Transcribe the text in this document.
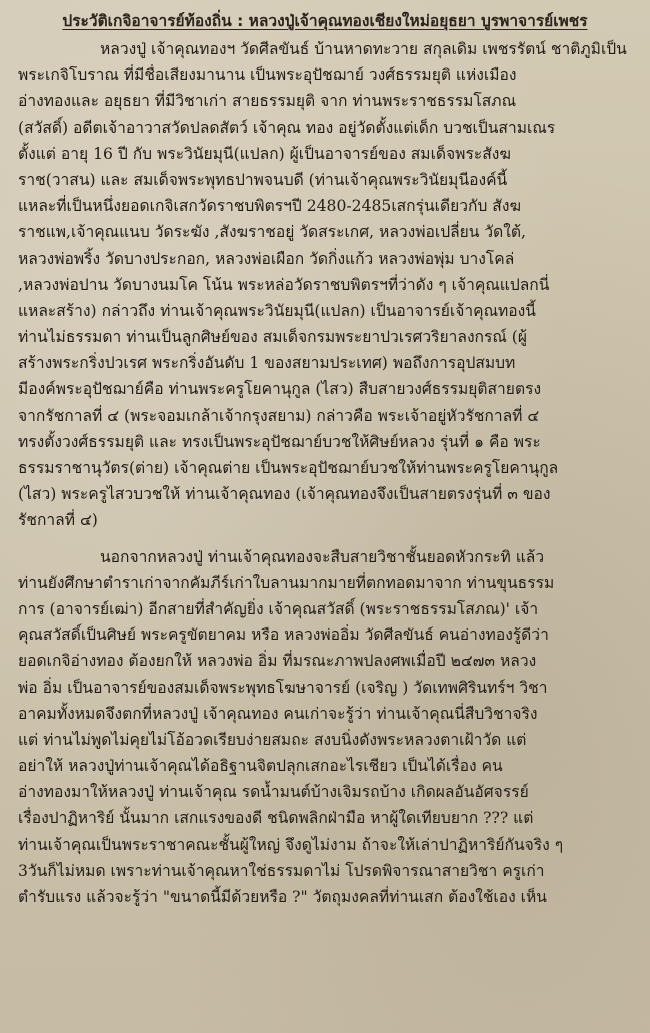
ประวัติเกจิอาจารย์ท้องถิ่น : หลวงปู่เจ้าคุณทองเชียงใหม่อยุธยา บูรพาจารย์เพชร
หลวงปู่ เจ้าคุณทองฯ วัดศีลขันธ์ บ้านหาดทะวาย สกุลเดิม เพชรรัตน์ ชาติภูมิเป็น
พระเกจิโบราณ ที่มีชื่อเสียงมานาน เป็นพระอุปัชฌาย์ วงศ์ธรรมยุติ แห่งเมือง
อ่างทองและ อยุธยา ที่มีวิชาเก่า สายธรรมยุติ จาก ท่านพระราชธรรมโสภณ
(สวัสดิ์) อดีตเจ้าอาวาสวัดปลดสัตว์ เจ้าคุณ ทอง อยู่วัดตั้งแต่เด็ก บวชเป็นสามเณร
ตั้งแต่ อายุ 16 ปี กับ พระวินัยมุนี(แปลก) ผู้เป็นอาจารย์ของ สมเด็จพระสังฆ
ราช(วาสน) และ สมเด็จพระพุทธปาพจนบดี (ท่านเจ้าคุณพระวินัยมุนีองค์นี้
แหละที่เป็นหนึ่งยอดเกจิเสกวัดราชบพิตรฯปี 2480-2485เสกรุ่นเดียวกับ สังฆ
ราชแพ,เจ้าคุณแนบ วัดระฆัง ,สังฆราชอยู่ วัดสระเกศ, หลวงพ่อเปลี่ยน วัดใต้,
หลวงพ่อพริ้ง วัดบางประกอก, หลวงพ่อเผือก วัดกิ่งแก้ว หลวงพ่อพุ่ม บางโคล่
,หลวงพ่อปาน วัดบางนมโค โน้น พระหล่อวัดราชบพิตรฯที่ว่าดัง ๆ เจ้าคุณแปลกนี่
แหละสร้าง) กล่าวถึง ท่านเจ้าคุณพระวินัยมุนี(แปลก) เป็นอาจารย์เจ้าคุณทองนี้
ท่านไม่ธรรมดา ท่านเป็นลูกศิษย์ของ สมเด็จกรมพระยาปวเรศวริยาลงกรณ์ (ผู้
สร้างพระกริ่งปวเรศ พระกริ่งอันดับ 1 ของสยามประเทศ) พอถึงการอุปสมบท
มีองค์พระอุปัชฌาย์คือ ท่านพระครูโยคานุกูล (ไสว) สืบสายวงศ์ธรรมยุติสายตรง
จากรัชกาลที่ ๔ (พระจอมเกล้าเจ้ากรุงสยาม) กล่าวคือ พระเจ้าอยู่หัวรัชกาลที่ ๔
ทรงตั้งวงศ์ธรรมยุติ และ ทรงเป็นพระอุปัชฌาย์บวชให้ศิษย์หลวง รุ่นที่ ๑ คือ พระ
ธรรมราชานุวัตร(ต่าย) เจ้าคุณต่าย เป็นพระอุปัชฌาย์บวชให้ท่านพระครูโยคานุกูล
(ไสว) พระครูไสวบวชให้ ท่านเจ้าคุณทอง (เจ้าคุณทองจึงเป็นสายตรงรุ่นที่ ๓ ของ
รัชกาลที่ ๔)
นอกจากหลวงปู่ ท่านเจ้าคุณทองจะสืบสายวิชาชั้นยอดหัวกระทิ แล้ว
ท่านยังศึกษาตำราเก่าจากคัมภีร์เก่าใบลานมากมายที่ตกทอดมาจาก ท่านขุนธรรม
การ (อาจารย์เฒ่า) อีกสายที่สำคัญยิ่ง เจ้าคุณสวัสดิ์ (พระราชธรรมโสภณ)' เจ้า
คุณสวัสดิ์เป็นศิษย์ พระครูขัตยาคม หรือ หลวงพ่ออิ่ม วัดศีลขันธ์ คนอ่างทองรู้ดีว่า
ยอดเกจิอ่างทอง ต้องยกให้ หลวงพ่อ อิ่ม ที่มรณะภาพปลงศพเมื่อปี ๒๔๗๓ หลวง
พ่อ อิ่ม เป็นอาจารย์ของสมเด็จพระพุทธโฆษาจารย์ (เจริญ ) วัดเทพศิรินทร์ฯ วิชา
อาคมทั้งหมดจึงตกที่หลวงปู่ เจ้าคุณทอง คนเก่าจะรู้ว่า ท่านเจ้าคุณนี่สืบวิชาจริง
แต่ ท่านไม่พูดไม่คุยไม่โอ้อวดเรียบง่ายสมถะ สงบนิ่งดังพระหลวงตาเฝ้าวัด แต่
อย่าให้ หลวงปู่ท่านเจ้าคุณได้อธิฐานจิตปลุกเสกอะไรเชียว เป็นได้เรื่อง คน
อ่างทองมาให้หลวงปู่ ท่านเจ้าคุณ รดน้ำมนต์บ้างเจิมรถบ้าง เกิดผลอันอัศจรรย์
เรื่องปาฏิหาริย์ นั้นมาก เสกแรงของดี ชนิดพลิกฝ่ามือ หาผู้ใดเทียบยาก ??? แต่
ท่านเจ้าคุณเป็นพระราชาคณะชั้นผู้ใหญ่ จึงดูไม่งาม ถ้าจะให้เล่าปาฏิหาริย์กันจริง ๆ
3วันก็ไม่หมด เพราะท่านเจ้าคุณหาใช่ธรรมดาไม่ โปรดพิจารณาสายวิชา ครูเก่า
ตำรับแรง แล้วจะรู้ว่า "ขนาดนี้มีด้วยหรือ ?" วัตถุมงคลที่ท่านเสก ต้องใช้เอง เห็น
